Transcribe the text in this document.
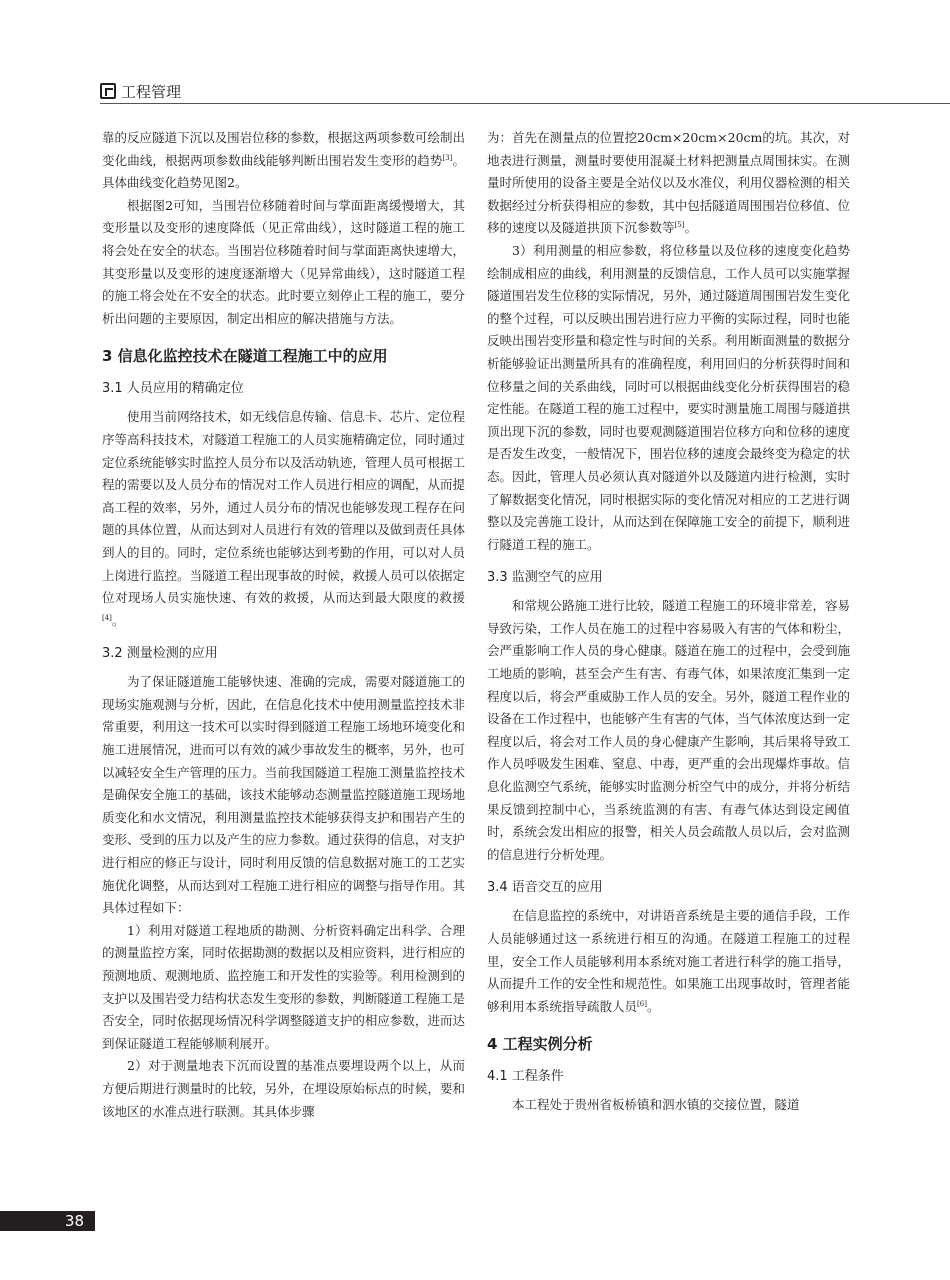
工程管理

靠的反应隧道下沉以及围岩位移的参数，根据这两项参数可绘制出变化曲线，根据两项参数曲线能够判断出围岩发生变形的趋势[3]。具体曲线变化趋势见图2。

根据图2可知，当围岩位移随着时间与掌面距离缓慢增大，其变形量以及变形的速度降低（见正常曲线），这时隧道工程的施工将会处在安全的状态。当围岩位移随着时间与掌面距离快速增大，其变形量以及变形的速度逐渐增大（见异常曲线），这时隧道工程的施工将会处在不安全的状态。此时要立刻停止工程的施工，要分析出问题的主要原因，制定出相应的解决措施与方法。

3 信息化监控技术在隧道工程施工中的应用
3.1 人员应用的精确定位

使用当前网络技术，如无线信息传输、信息卡、芯片、定位程序等高科技技术，对隧道工程施工的人员实施精确定位，同时通过定位系统能够实时监控人员分布以及活动轨迹，管理人员可根据工程的需要以及人员分布的情况对工作人员进行相应的调配，从而提高工程的效率，另外，通过人员分布的情况也能够发现工程存在问题的具体位置，从而达到对人员进行有效的管理以及做到责任具体到人的目的。同时，定位系统也能够达到考勤的作用，可以对人员上岗进行监控。当隧道工程出现事故的时候，救援人员可以依据定位对现场人员实施快速、有效的救援，从而达到最大限度的救援[4]。

3.2 测量检测的应用

为了保证隧道施工能够快速、准确的完成，需要对隧道施工的现场实施观测与分析，因此，在信息化技术中使用测量监控技术非常重要，利用这一技术可以实时得到隧道工程施工场地环境变化和施工进展情况，进而可以有效的减少事故发生的概率，另外，也可以减轻安全生产管理的压力。当前我国隧道工程施工测量监控技术是确保安全施工的基础，该技术能够动态测量监控隧道施工现场地质变化和水文情况，利用测量监控技术能够获得支护和围岩产生的变形、受到的压力以及产生的应力参数。通过获得的信息，对支护进行相应的修正与设计，同时利用反馈的信息数据对施工的工艺实施优化调整，从而达到对工程施工进行相应的调整与指导作用。其具体过程如下：

1）利用对隧道工程地质的勘测、分析资料确定出科学、合理的测量监控方案，同时依据勘测的数据以及相应资料，进行相应的预测地质、观测地质、监控施工和开发性的实验等。利用检测到的支护以及围岩受力结构状态发生变形的参数，判断隧道工程施工是否安全，同时依据现场情况科学调整隧道支护的相应参数，进而达到保证隧道工程能够顺利展开。

2）对于测量地表下沉而设置的基准点要埋设两个以上，从而方便后期进行测量时的比较，另外，在埋设原始标点的时候，要和该地区的水准点进行联测。其具体步骤

为：首先在测量点的位置挖20cm×20cm×20cm的坑。其次，对地表进行测量，测量时要使用混凝土材料把测量点周围抹实。在测量时所使用的设备主要是全站仪以及水准仪，利用仪器检测的相关数据经过分析获得相应的参数，其中包括隧道周围围岩位移值、位移的速度以及隧道拱顶下沉参数等[5]。

3）利用测量的相应参数，将位移量以及位移的速度变化趋势绘制成相应的曲线，利用测量的反馈信息，工作人员可以实施掌握隧道围岩发生位移的实际情况，另外，通过隧道周围围岩发生变化的整个过程，可以反映出围岩进行应力平衡的实际过程，同时也能反映出围岩变形量和稳定性与时间的关系。利用断面测量的数据分析能够验证出测量所具有的准确程度，利用回归的分析获得时间和位移量之间的关系曲线，同时可以根据曲线变化分析获得围岩的稳定性能。在隧道工程的施工过程中，要实时测量施工周围与隧道拱顶出现下沉的参数，同时也要观测隧道围岩位移方向和位移的速度是否发生改变，一般情况下，围岩位移的速度会最终变为稳定的状态。因此，管理人员必须认真对隧道外以及隧道内进行检测，实时了解数据变化情况，同时根据实际的变化情况对相应的工艺进行调整以及完善施工设计，从而达到在保障施工安全的前提下，顺利进行隧道工程的施工。

3.3 监测空气的应用

和常规公路施工进行比较，隧道工程施工的环境非常差，容易导致污染，工作人员在施工的过程中容易吸入有害的气体和粉尘，会严重影响工作人员的身心健康。隧道在施工的过程中，会受到施工地质的影响，甚至会产生有害、有毒气体，如果浓度汇集到一定程度以后，将会严重威胁工作人员的安全。另外，隧道工程作业的设备在工作过程中，也能够产生有害的气体，当气体浓度达到一定程度以后，将会对工作人员的身心健康产生影响，其后果将导致工作人员呼吸发生困难、窒息、中毒，更严重的会出现爆炸事故。信息化监测空气系统，能够实时监测分析空气中的成分，并将分析结果反馈到控制中心，当系统监测的有害、有毒气体达到设定阈值时，系统会发出相应的报警，相关人员会疏散人员以后，会对监测的信息进行分析处理。

3.4 语音交互的应用

在信息监控的系统中，对讲语音系统是主要的通信手段，工作人员能够通过这一系统进行相互的沟通。在隧道工程施工的过程里，安全工作人员能够利用本系统对施工者进行科学的施工指导，从而提升工作的安全性和规范性。如果施工出现事故时，管理者能够利用本系统指导疏散人员[6]。

4 工程实例分析
4.1 工程条件

本工程处于贵州省板桥镇和泗水镇的交接位置，隧道

38
